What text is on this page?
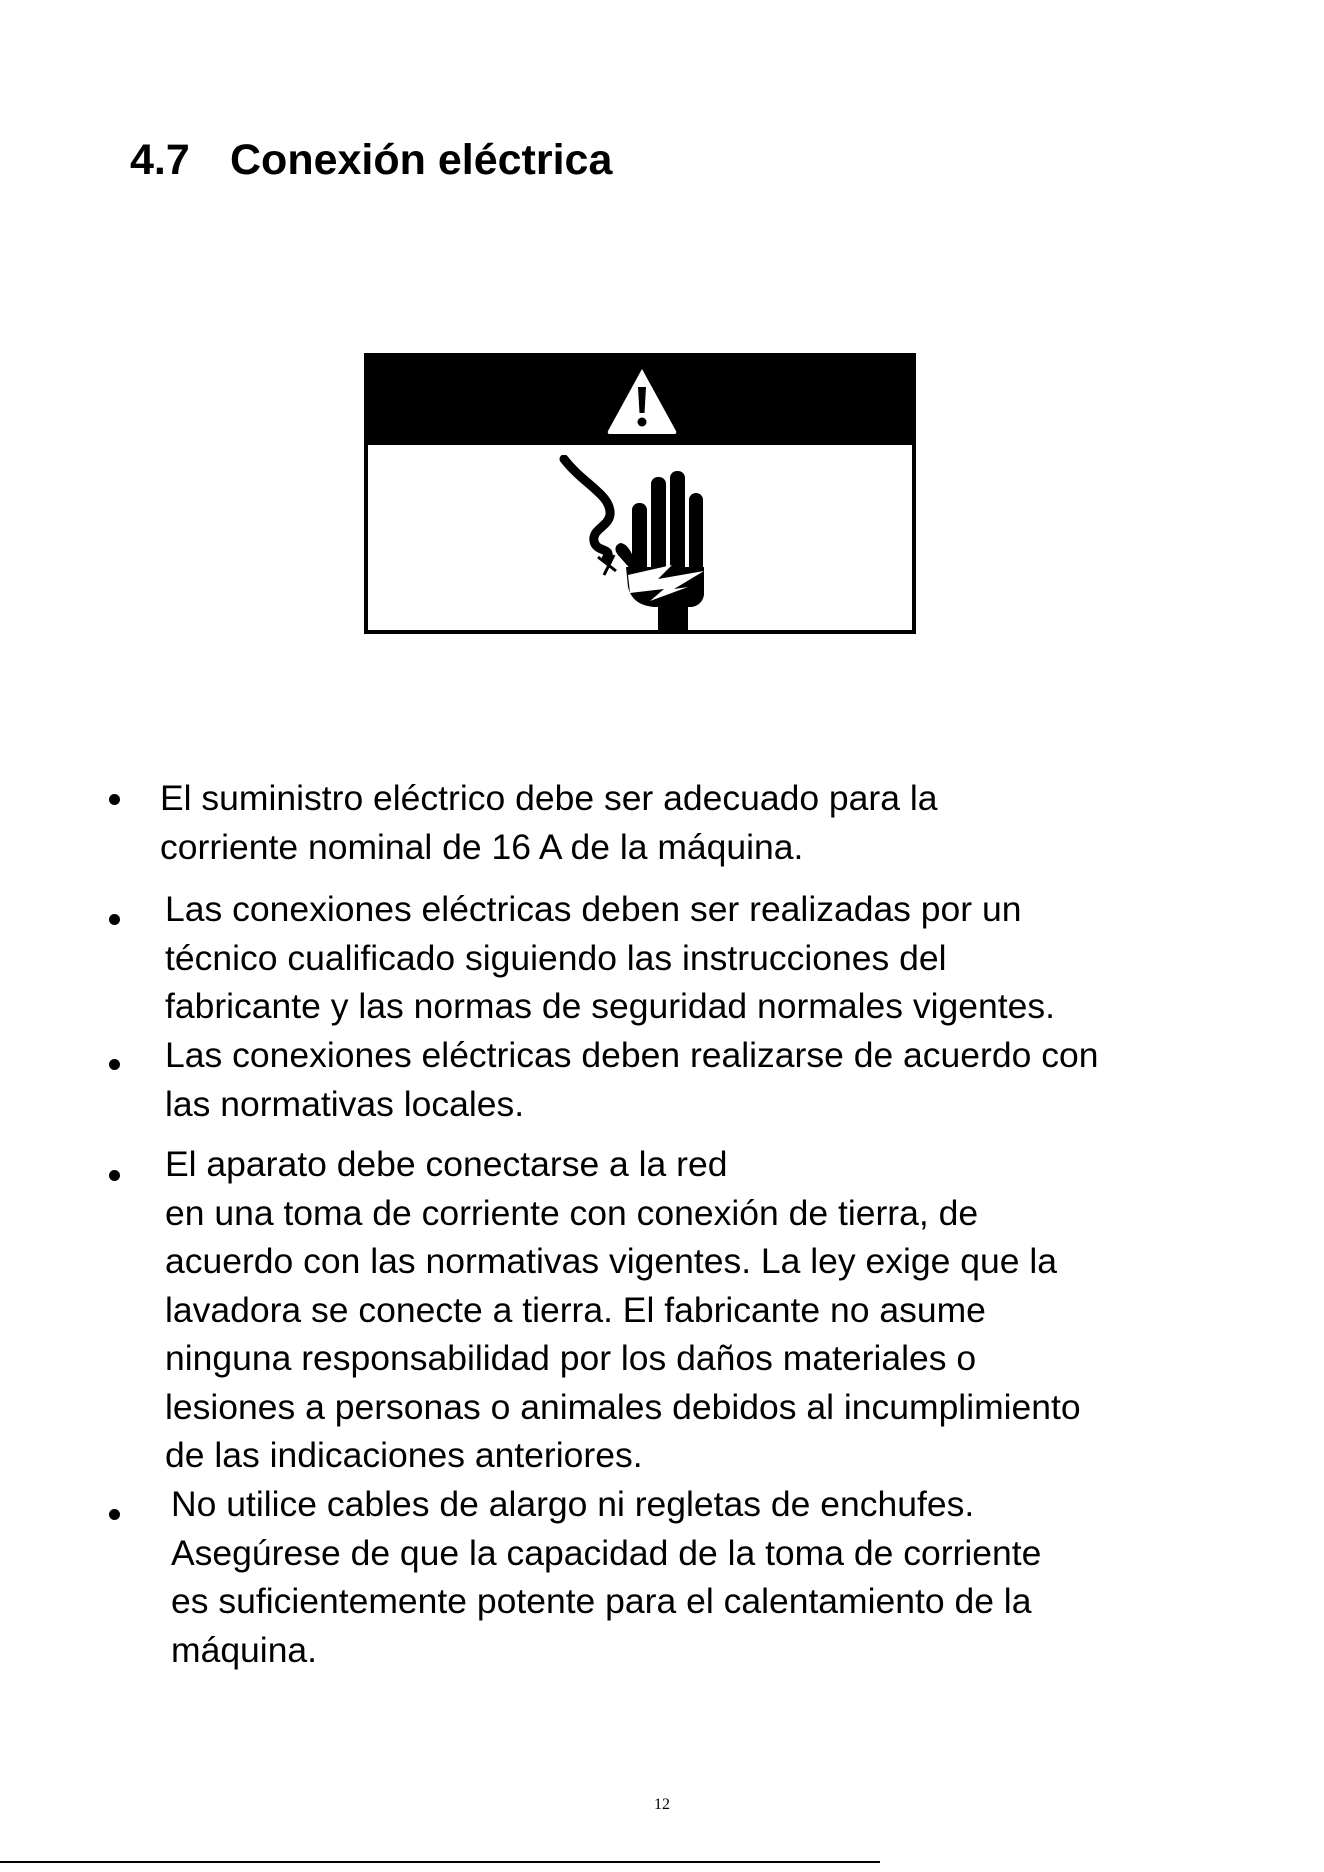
4.7 Conexión eléctrica
El suministro eléctrico debe ser adecuado para la
corriente nominal de 16 A de la máquina.
Las conexiones eléctricas deben ser realizadas por un
técnico cualificado siguiendo las instrucciones del
fabricante y las normas de seguridad normales vigentes.
Las conexiones eléctricas deben realizarse de acuerdo con
las normativas locales.
El aparato debe conectarse a la red
en una toma de corriente con conexión de tierra, de
acuerdo con las normativas vigentes. La ley exige que la
lavadora se conecte a tierra. El fabricante no asume
ninguna responsabilidad por los daños materiales o
lesiones a personas o animales debidos al incumplimiento
de las indicaciones anteriores.
No utilice cables de alargo ni regletas de enchufes.
Asegúrese de que la capacidad de la toma de corriente
es suficientemente potente para el calentamiento de la
máquina.
12
